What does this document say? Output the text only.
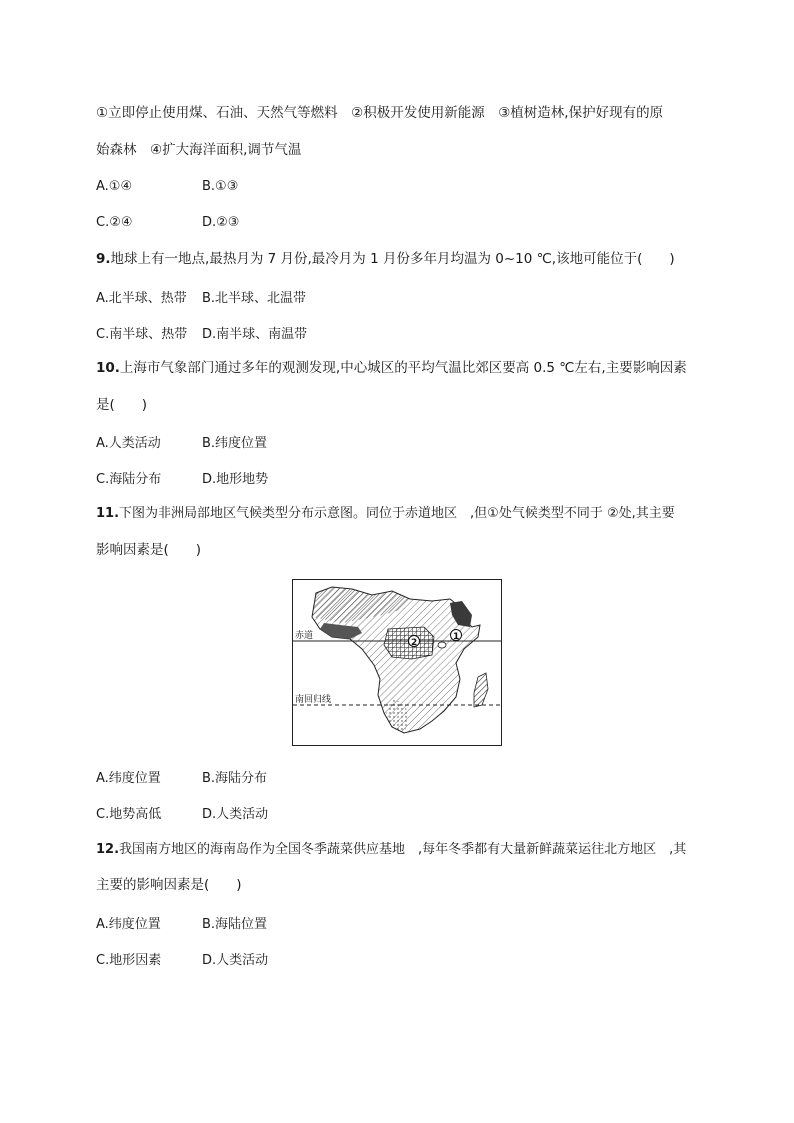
①立即停止使用煤、石油、天然气等燃料　②积极开发使用新能源　③植树造林,保护好现有的原
始森林　④扩大海洋面积,调节气温
A.①④	B.①③
C.②④	D.②③
9.地球上有一地点,最热月为 7 月份,最冷月为 1 月份多年月均温为 0~10 ℃,该地可能位于(　　)
A.北半球、热带 B.北半球、北温带
C.南半球、热带 D.南半球、南温带
10.上海市气象部门通过多年的观测发现,中心城区的平均气温比郊区要高 0.5 ℃左右,主要影响因素
是(　　)
A.人类活动	B.纬度位置
C.海陆分布	D.地形地势
11.下图为非洲局部地区气候类型分布示意图。同位于赤道地区　,但①处气候类型不同于 ②处,其主要
影响因素是(　　)
赤道
南回归线
2
1
A.纬度位置	B.海陆分布
C.地势高低	D.人类活动
12.我国南方地区的海南岛作为全国冬季蔬菜供应基地　,每年冬季都有大量新鲜蔬菜运往北方地区　,其
主要的影响因素是(　　)
A.纬度位置	B.海陆位置
C.地形因素	D.人类活动
